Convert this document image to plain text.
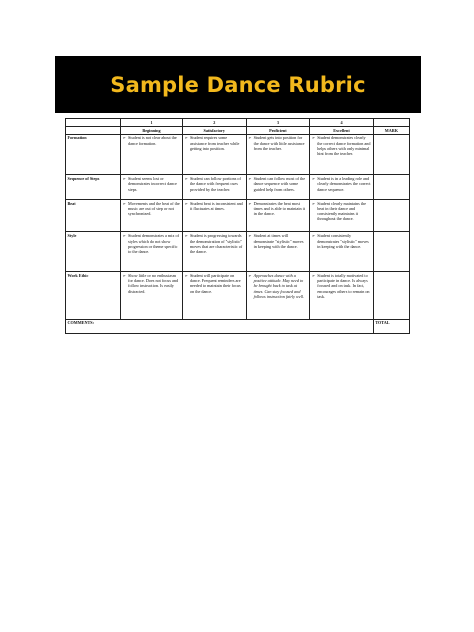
Sample Dance Rubric
	1	2	3	4	
	Beginning	Satisfactory	Proficient	Excellent	MARK
Formation	➢ Student is not clear about the dance formation.	➢ Student requires some assistance from teacher while getting into position.	➢ Student gets into position for the dance with little assistance from the teacher.	➢ Student demonstrates clearly the correct dance formation and helps others with only minimal hint from the teacher.	

Sequence of Steps	➢ Student seems lost or demonstrates incorrect dance steps.	➢ Student can follow portions of the dance with frequent cues provided by the teacher.	➢ Student can follow most of the dance sequence with some guided help from others.	➢ Student is in a leading role and clearly demonstrates the correct dance sequence.	

Beat	➢ Movements and the beat of the music are out of step or not synchronized.	➢ Student beat is inconsistent and it fluctuates at times.	➢ Demonstrates the beat most times and is able to maintain it in the dance.	➢ Student clearly maintains the beat in their dance and consistently maintains it throughout the dance.	

Style	➢ Student demonstrates a mix of styles which do not show progression or theme specific to the dance.	➢ Student is progressing towards the demonstration of "stylistic" moves that are characteristic of the dance.	➢ Student at times will demonstrate "stylistic" moves in keeping with the dance.	➢ Student consistently demonstrates "stylistic" moves in keeping with the dance.	

Work Ethic	➢ Show little or no enthusiasm for dance. Does not focus and follow instruction. Is easily distracted.	➢ Student will participate on dance. Frequent reminders are needed to maintain their focus on the dance.	➢ Approaches dance with a positive attitude. May need to be brought back to task at times. Can stay focused and follows instruction fairly well.	➢ Student is totally motivated to participate in dance. Is always focused and on task. In fact, encourages others to remain on task.	

COMMENTS:					TOTAL
